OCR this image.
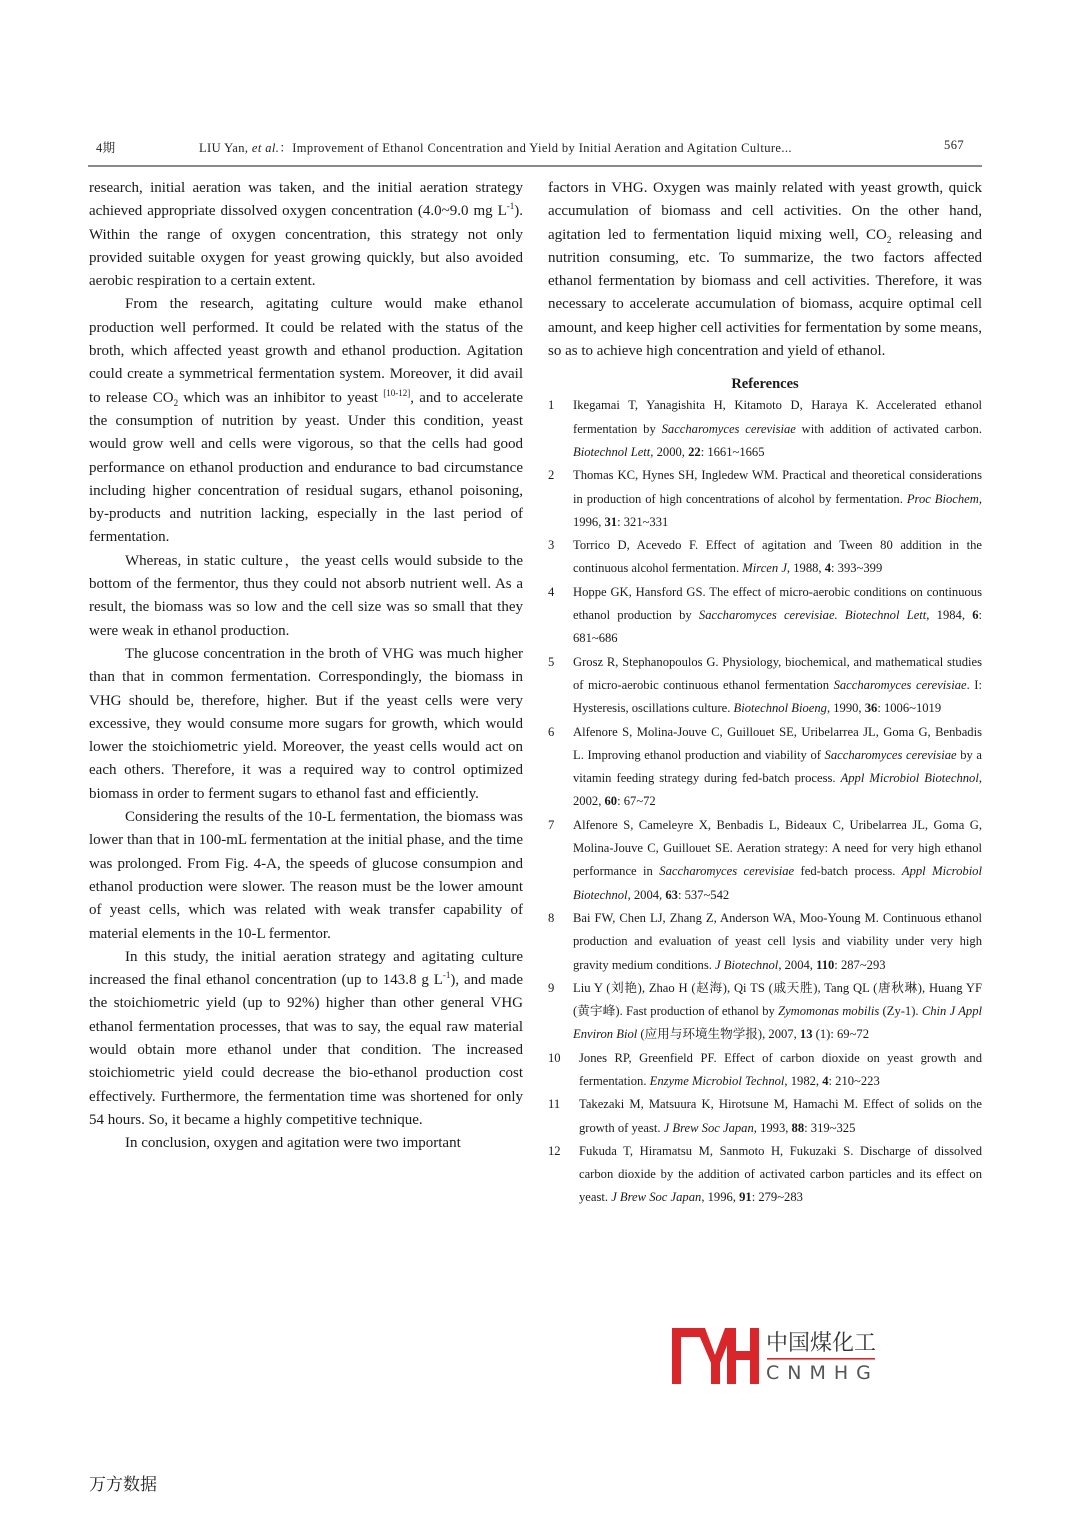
4期	LIU Yan, et al.：Improvement of Ethanol Concentration and Yield by Initial Aeration and Agitation Culture...	567

research, initial aeration was taken, and the initial aeration strategy achieved appropriate dissolved oxygen concentration (4.0~9.0 mg $L^{-1}$). Within the range of oxygen concentration, this strategy not only provided suitable oxygen for yeast growing quickly, but also avoided aerobic respiration to a certain extent.

From the research, agitating culture would make ethanol production well performed. It could be related with the status of the broth, which affected yeast growth and ethanol production. Agitation could create a symmetrical fermentation system. Moreover, it did avail to release $CO_2$ which was an inhibitor to yeast [10-12], and to accelerate the consumption of nutrition by yeast. Under this condition, yeast would grow well and cells were vigorous, so that the cells had good performance on ethanol production and endurance to bad circumstance including higher concentration of residual sugars, ethanol poisoning, by-products and nutrition lacking, especially in the last period of fermentation.

Whereas, in static culture，the yeast cells would subside to the bottom of the fermentor, thus they could not absorb nutrient well. As a result, the biomass was so low and the cell size was so small that they were weak in ethanol production.

The glucose concentration in the broth of VHG was much higher than that in common fermentation. Correspondingly, the biomass in VHG should be, therefore, higher. But if the yeast cells were very excessive, they would consume more sugars for growth, which would lower the stoichiometric yield. Moreover, the yeast cells would act on each others. Therefore, it was a required way to control optimized biomass in order to ferment sugars to ethanol fast and efficiently.

Considering the results of the 10-L fermentation, the biomass was lower than that in 100-mL fermentation at the initial phase, and the time was prolonged. From Fig. 4-A, the speeds of glucose consumpion and ethanol production were slower. The reason must be the lower amount of yeast cells, which was related with weak transfer capability of material elements in the 10-L fermentor.

In this study, the initial aeration strategy and agitating culture increased the final ethanol concentration (up to 143.8 g $L^{-1}$), and made the stoichiometric yield (up to 92%) higher than other general VHG ethanol fermentation processes, that was to say, the equal raw material would obtain more ethanol under that condition. The increased stoichiometric yield could decrease the bio-ethanol production cost effectively. Furthermore, the fermentation time was shortened for only 54 hours. So, it became a highly competitive technique.

In conclusion, oxygen and agitation were two important

factors in VHG. Oxygen was mainly related with yeast growth, quick accumulation of biomass and cell activities. On the other hand, agitation led to fermentation liquid mixing well, $CO_2$ releasing and nutrition consuming, etc. To summarize, the two factors affected ethanol fermentation by biomass and cell activities. Therefore, it was necessary to accelerate accumulation of biomass, acquire optimal cell amount, and keep higher cell activities for fermentation by some means, so as to achieve high concentration and yield of ethanol.

References
1 Ikegamai T, Yanagishita H, Kitamoto D, Haraya K. Accelerated ethanol fermentation by Saccharomyces cerevisiae with addition of activated carbon. Biotechnol Lett, 2000, 22: 1661~1665
2 Thomas KC, Hynes SH, Ingledew WM. Practical and theoretical considerations in production of high concentrations of alcohol by fermentation. Proc Biochem, 1996, 31: 321~331
3 Torrico D, Acevedo F. Effect of agitation and Tween 80 addition in the continuous alcohol fermentation. Mircen J, 1988, 4: 393~399
4 Hoppe GK, Hansford GS. The effect of micro-aerobic conditions on continuous ethanol production by Saccharomyces cerevisiae. Biotechnol Lett, 1984, 6: 681~686
5 Grosz R, Stephanopoulos G. Physiology, biochemical, and mathematical studies of micro-aerobic continuous ethanol fermentation Saccharomyces cerevisiae. I: Hysteresis, oscillations culture. Biotechnol Bioeng, 1990, 36: 1006~1019
6 Alfenore S, Molina-Jouve C, Guillouet SE, Uribelarrea JL, Goma G, Benbadis L. Improving ethanol production and viability of Saccharomyces cerevisiae by a vitamin feeding strategy during fed-batch process. Appl Microbiol Biotechnol, 2002, 60: 67~72
7 Alfenore S, Cameleyre X, Benbadis L, Bideaux C, Uribelarrea JL, Goma G, Molina-Jouve C, Guillouet SE. Aeration strategy: A need for very high ethanol performance in Saccharomyces cerevisiae fed-batch process. Appl Microbiol Biotechnol, 2004, 63: 537~542
8 Bai FW, Chen LJ, Zhang Z, Anderson WA, Moo-Young M. Continuous ethanol production and evaluation of yeast cell lysis and viability under very high gravity medium conditions. J Biotechnol, 2004, 110: 287~293
9 Liu Y (刘艳), Zhao H (赵海), Qi TS (戚天胜), Tang QL (唐秋琳), Huang YF (黄宇峰). Fast production of ethanol by Zymomonas mobilis (Zy-1). Chin J Appl Environ Biol (应用与环境生物学报), 2007, 13 (1): 69~72
10 Jones RP, Greenfield PF. Effect of carbon dioxide on yeast growth and fermentation. Enzyme Microbiol Technol, 1982, 4: 210~223
11 Takezaki M, Matsuura K, Hirotsune M, Hamachi M. Effect of solids on the growth of yeast. J Brew Soc Japan, 1993, 88: 319~325
12 Fukuda T, Hiramatsu M, Sanmoto H, Fukuzaki S. Discharge of dissolved carbon dioxide by the addition of activated carbon particles and its effect on yeast. J Brew Soc Japan, 1996, 91: 279~283
中国煤化工
CNMHG
万方数据
